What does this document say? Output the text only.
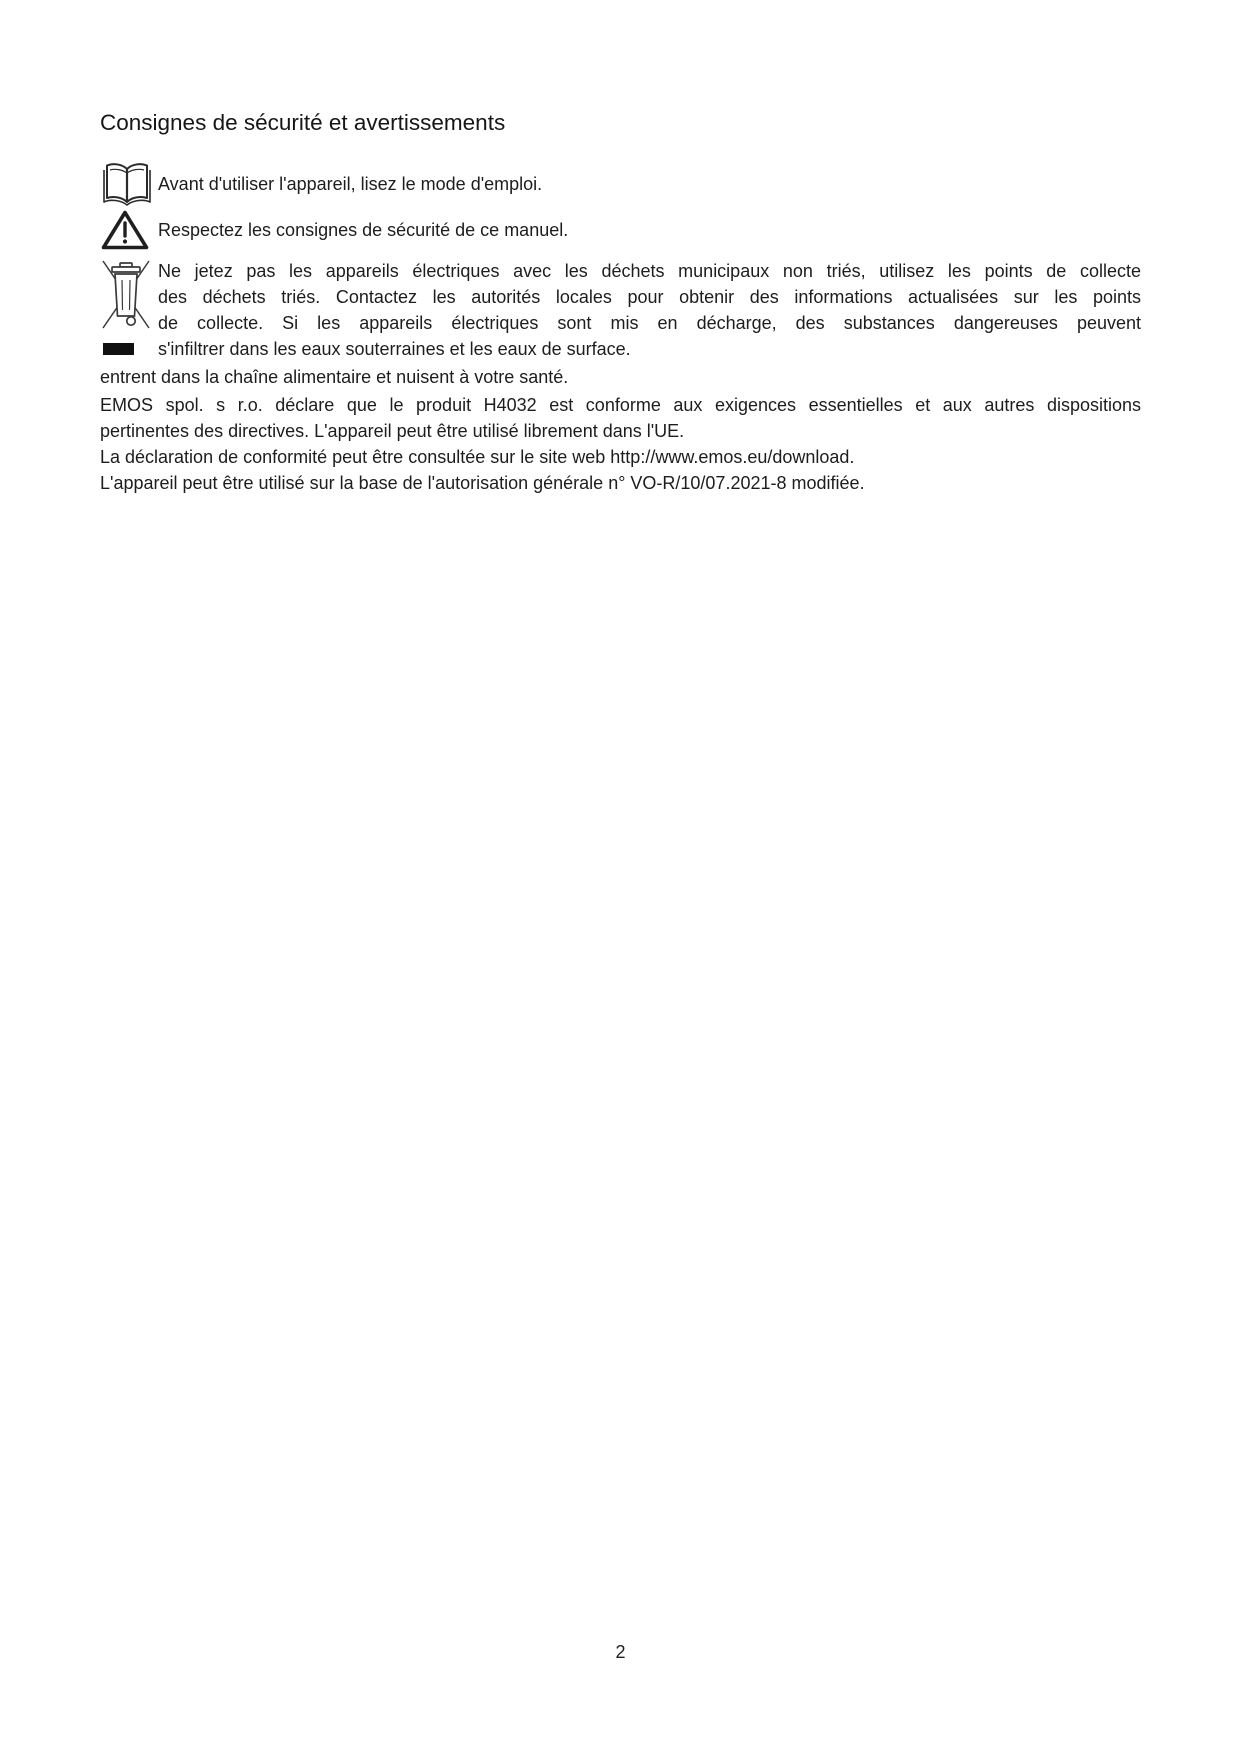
Consignes de sécurité et avertissements

Avant d'utiliser l'appareil, lisez le mode d'emploi.

Respectez les consignes de sécurité de ce manuel.

Ne jetez pas les appareils électriques avec les déchets municipaux non triés, utilisez les points de collecte
des déchets triés. Contactez les autorités locales pour obtenir des informations actualisées sur les points
de collecte. Si les appareils électriques sont mis en décharge, des substances dangereuses peuvent
s'infiltrer dans les eaux souterraines et les eaux de surface.

entrent dans la chaîne alimentaire et nuisent à votre santé.

EMOS spol. s r.o. déclare que le produit H4032 est conforme aux exigences essentielles et aux autres dispositions
pertinentes des directives. L'appareil peut être utilisé librement dans l'UE.

La déclaration de conformité peut être consultée sur le site web http://www.emos.eu/download.

L'appareil peut être utilisé sur la base de l'autorisation générale n° VO-R/10/07.2021-8 modifiée.

2
